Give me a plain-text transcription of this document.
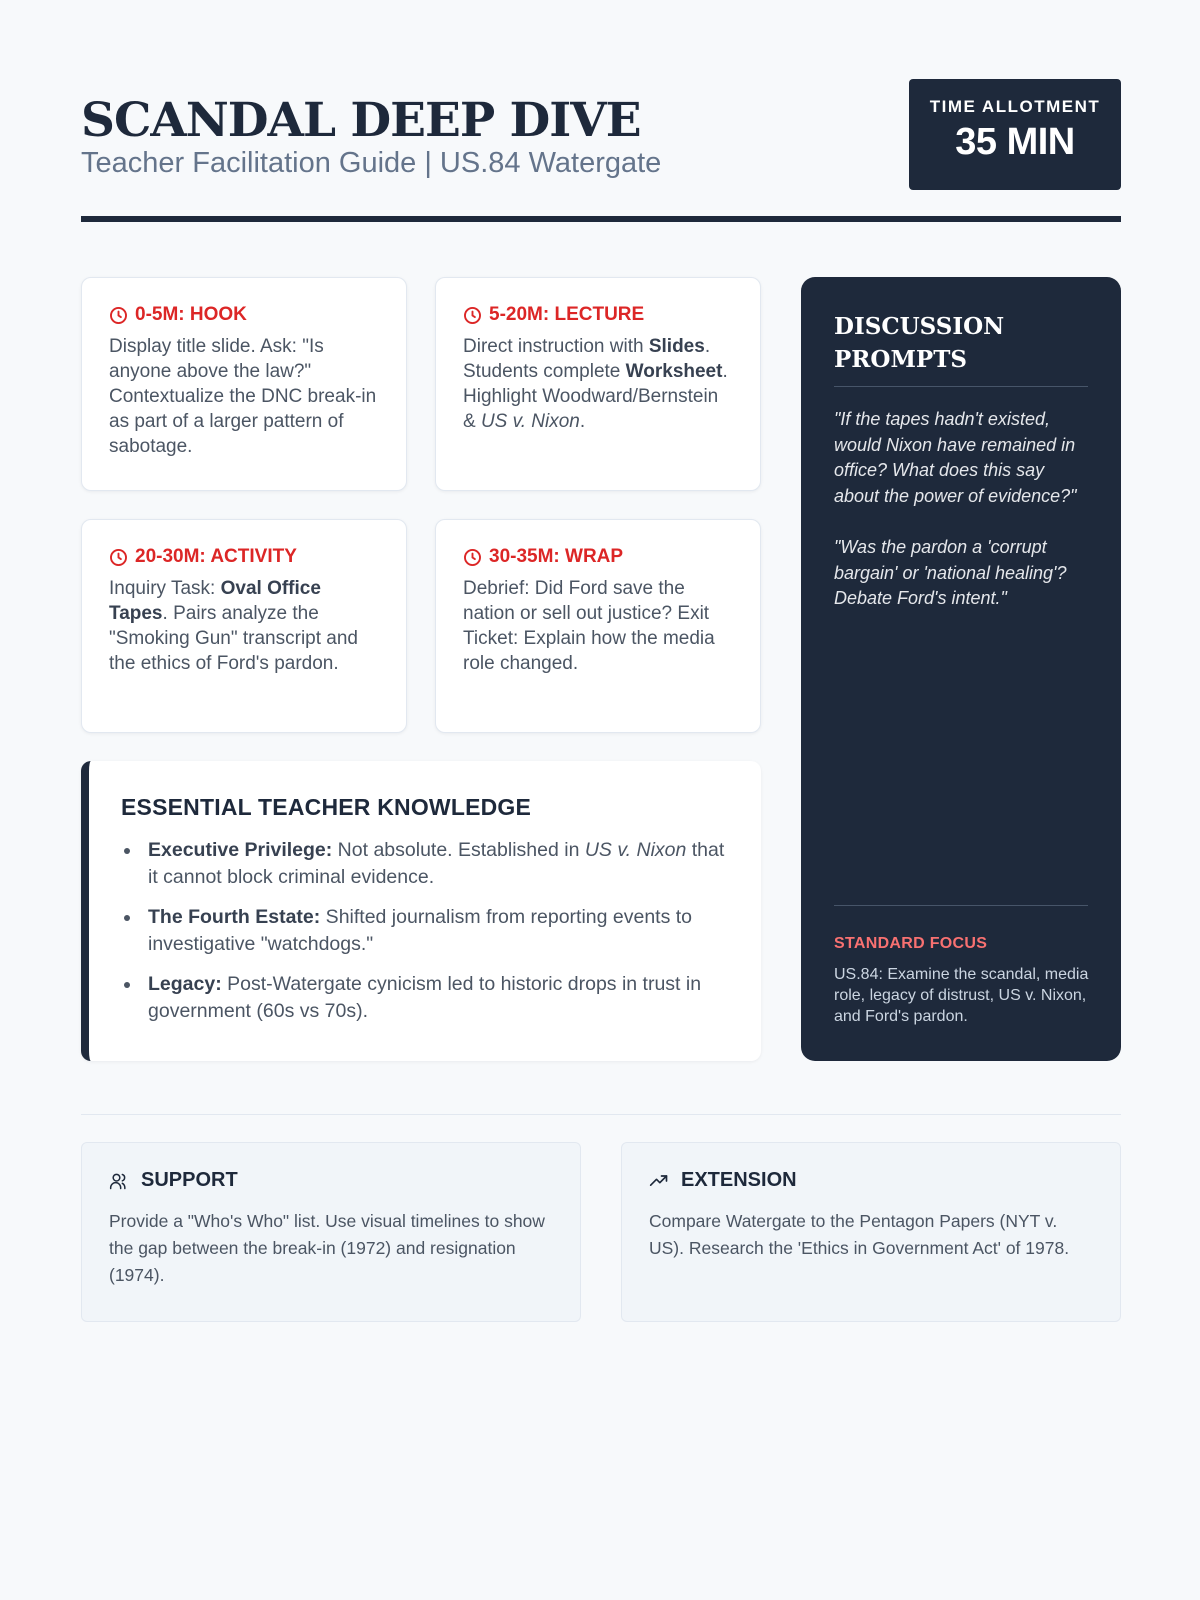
SCANDAL DEEP DIVE
Teacher Facilitation Guide | US.84 Watergate
TIME ALLOTMENT
35 MIN
0-5M: HOOK
Display title slide. Ask: "Is anyone above the law?" Contextualize the DNC break-in as part of a larger pattern of sabotage.
5-20M: LECTURE
Direct instruction with Slides. Students complete Worksheet. Highlight Woodward/Bernstein & US v. Nixon.
20-30M: ACTIVITY
Inquiry Task: Oval Office Tapes. Pairs analyze the "Smoking Gun" transcript and the ethics of Ford's pardon.
30-35M: WRAP
Debrief: Did Ford save the nation or sell out justice? Exit Ticket: Explain how the media role changed.
ESSENTIAL TEACHER KNOWLEDGE
Executive Privilege: Not absolute. Established in US v. Nixon that it cannot block criminal evidence.
The Fourth Estate: Shifted journalism from reporting events to investigative "watchdogs."
Legacy: Post-Watergate cynicism led to historic drops in trust in government (60s vs 70s).
DISCUSSION PROMPTS

"If the tapes hadn't existed, would Nixon have remained in office? What does this say about the power of evidence?"

"Was the pardon a 'corrupt bargain' or 'national healing'? Debate Ford's intent."

STANDARD FOCUS
US.84: Examine the scandal, media role, legacy of distrust, US v. Nixon, and Ford's pardon.
SUPPORT
Provide a "Who's Who" list. Use visual timelines to show the gap between the break-in (1972) and resignation (1974).
EXTENSION
Compare Watergate to the Pentagon Papers (NYT v. US). Research the 'Ethics in Government Act' of 1978.
